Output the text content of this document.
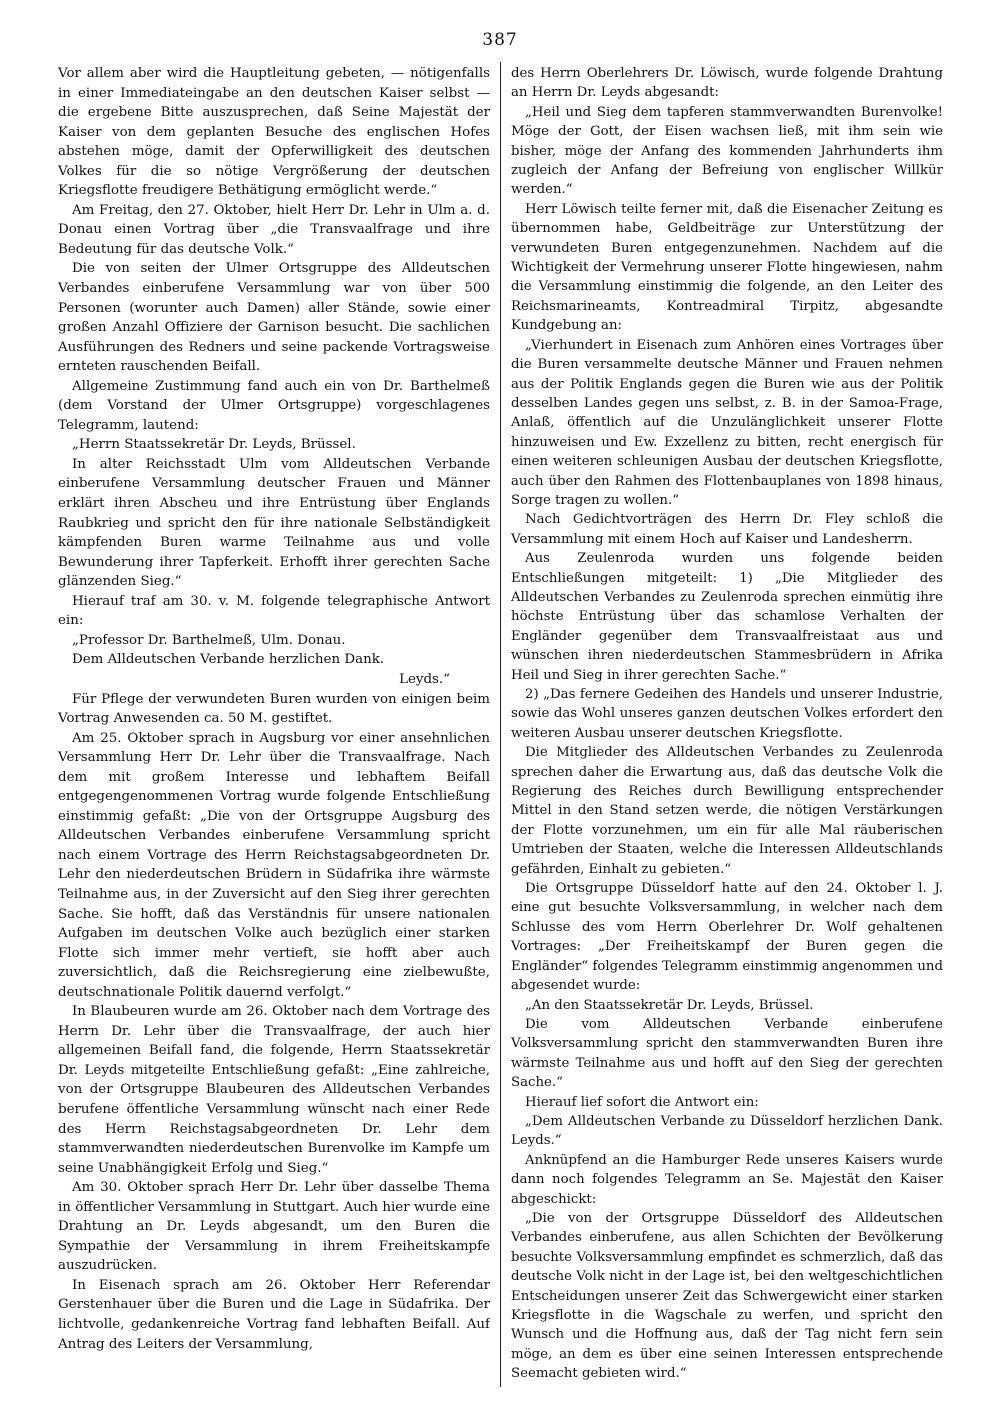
387

Vor allem aber wird die Hauptleitung gebeten, — nötigenfalls in einer Immediateingabe an den deutschen Kaiser selbst — die ergebene Bitte auszusprechen, daß Seine Majestät der Kaiser von dem geplanten Besuche des englischen Hofes abstehen möge, damit der Opferwilligkeit des deutschen Volkes für die so nötige Vergrößerung der deutschen Kriegsflotte freudigere Bethätigung ermöglicht werde.“

Am Freitag, den 27. Oktober, hielt Herr Dr. Lehr in Ulm a. d. Donau einen Vortrag über „die Transvaalfrage und ihre Bedeutung für das deutsche Volk.“

Die von seiten der Ulmer Ortsgruppe des Alldeutschen Verbandes einberufene Versammlung war von über 500 Personen (worunter auch Damen) aller Stände, sowie einer großen Anzahl Offiziere der Garnison besucht. Die sachlichen Ausführungen des Redners und seine packende Vortragsweise ernteten rauschenden Beifall.

Allgemeine Zustimmung fand auch ein von Dr. Barthelmeß (dem Vorstand der Ulmer Ortsgruppe) vorgeschlagenes Telegramm, lautend:

„Herrn Staatssekretär Dr. Leyds, Brüssel.

In alter Reichsstadt Ulm vom Alldeutschen Verbande einberufene Versammlung deutscher Frauen und Männer erklärt ihren Abscheu und ihre Entrüstung über Englands Raubkrieg und spricht den für ihre nationale Selbständigkeit kämpfenden Buren warme Teilnahme aus und volle Bewunderung ihrer Tapferkeit. Erhofft ihrer gerechten Sache glänzenden Sieg.“

Hierauf traf am 30. v. M. folgende telegraphische Antwort ein:

„Professor Dr. Barthelmeß, Ulm. Donau.

Dem Alldeutschen Verbande herzlichen Dank.

Leyds.“

Für Pflege der verwundeten Buren wurden von einigen beim Vortrag Anwesenden ca. 50 M. gestiftet.

Am 25. Oktober sprach in Augsburg vor einer ansehnlichen Versammlung Herr Dr. Lehr über die Transvaalfrage. Nach dem mit großem Interesse und lebhaftem Beifall entgegengenommenen Vortrag wurde folgende Entschließung einstimmig gefaßt: „Die von der Ortsgruppe Augsburg des Alldeutschen Verbandes einberufene Versammlung spricht nach einem Vortrage des Herrn Reichstagsabgeordneten Dr. Lehr den niederdeutschen Brüdern in Südafrika ihre wärmste Teilnahme aus, in der Zuversicht auf den Sieg ihrer gerechten Sache. Sie hofft, daß das Verständnis für unsere nationalen Aufgaben im deutschen Volke auch bezüglich einer starken Flotte sich immer mehr vertieft, sie hofft aber auch zuversichtlich, daß die Reichsregierung eine zielbewußte, deutschnationale Politik dauernd verfolgt.“

In Blaubeuren wurde am 26. Oktober nach dem Vortrage des Herrn Dr. Lehr über die Transvaalfrage, der auch hier allgemeinen Beifall fand, die folgende, Herrn Staatssekretär Dr. Leyds mitgeteilte Entschließung gefaßt: „Eine zahlreiche, von der Ortsgruppe Blaubeuren des Alldeutschen Verbandes berufene öffentliche Versammlung wünscht nach einer Rede des Herrn Reichstagsabgeordneten Dr. Lehr dem stammverwandten niederdeutschen Burenvolke im Kampfe um seine Unabhängigkeit Erfolg und Sieg.“

Am 30. Oktober sprach Herr Dr. Lehr über dasselbe Thema in öffentlicher Versammlung in Stuttgart. Auch hier wurde eine Drahtung an Dr. Leyds abgesandt, um den Buren die Sympathie der Versammlung in ihrem Freiheitskampfe auszudrücken.

In Eisenach sprach am 26. Oktober Herr Referendar Gerstenhauer über die Buren und die Lage in Südafrika. Der lichtvolle, gedankenreiche Vortrag fand lebhaften Beifall. Auf Antrag des Leiters der Versammlung,

des Herrn Oberlehrers Dr. Löwisch, wurde folgende Drahtung an Herrn Dr. Leyds abgesandt:

„Heil und Sieg dem tapferen stammverwandten Burenvolke! Möge der Gott, der Eisen wachsen ließ, mit ihm sein wie bisher, möge der Anfang des kommenden Jahrhunderts ihm zugleich der Anfang der Befreiung von englischer Willkür werden.“

Herr Löwisch teilte ferner mit, daß die Eisenacher Zeitung es übernommen habe, Geldbeiträge zur Unterstützung der verwundeten Buren entgegenzunehmen. Nachdem auf die Wichtigkeit der Vermehrung unserer Flotte hingewiesen, nahm die Versammlung einstimmig die folgende, an den Leiter des Reichsmarineamts, Kontreadmiral Tirpitz, abgesandte Kundgebung an:

„Vierhundert in Eisenach zum Anhören eines Vortrages über die Buren versammelte deutsche Männer und Frauen nehmen aus der Politik Englands gegen die Buren wie aus der Politik desselben Landes gegen uns selbst, z. B. in der Samoa-Frage, Anlaß, öffentlich auf die Unzulänglichkeit unserer Flotte hinzuweisen und Ew. Exzellenz zu bitten, recht energisch für einen weiteren schleunigen Ausbau der deutschen Kriegsflotte, auch über den Rahmen des Flottenbauplanes von 1898 hinaus, Sorge tragen zu wollen.“

Nach Gedichtvorträgen des Herrn Dr. Fley schloß die Versammlung mit einem Hoch auf Kaiser und Landesherrn.

Aus Zeulenroda wurden uns folgende beiden Entschließungen mitgeteilt: 1) „Die Mitglieder des Alldeutschen Verbandes zu Zeulenroda sprechen einmütig ihre höchste Entrüstung über das schamlose Verhalten der Engländer gegenüber dem Transvaalfreistaat aus und wünschen ihren niederdeutschen Stammesbrüdern in Afrika Heil und Sieg in ihrer gerechten Sache.“

2) „Das fernere Gedeihen des Handels und unserer Industrie, sowie das Wohl unseres ganzen deutschen Volkes erfordert den weiteren Ausbau unserer deutschen Kriegsflotte.

Die Mitglieder des Alldeutschen Verbandes zu Zeulenroda sprechen daher die Erwartung aus, daß das deutsche Volk die Regierung des Reiches durch Bewilligung entsprechender Mittel in den Stand setzen werde, die nötigen Verstärkungen der Flotte vorzunehmen, um ein für alle Mal räuberischen Umtrieben der Staaten, welche die Interessen Alldeutschlands gefährden, Einhalt zu gebieten.“

Die Ortsgruppe Düsseldorf hatte auf den 24. Oktober l. J. eine gut besuchte Volksversammlung, in welcher nach dem Schlusse des vom Herrn Oberlehrer Dr. Wolf gehaltenen Vortrages: „Der Freiheitskampf der Buren gegen die Engländer“ folgendes Telegramm einstimmig angenommen und abgesendet wurde:

„An den Staatssekretär Dr. Leyds, Brüssel.

Die vom Alldeutschen Verbande einberufene Volksversammlung spricht den stammverwandten Buren ihre wärmste Teilnahme aus und hofft auf den Sieg der gerechten Sache.“

Hierauf lief sofort die Antwort ein:

„Dem Alldeutschen Verbande zu Düsseldorf herzlichen Dank. Leyds.“

Anknüpfend an die Hamburger Rede unseres Kaisers wurde dann noch folgendes Telegramm an Se. Majestät den Kaiser abgeschickt:

„Die von der Ortsgruppe Düsseldorf des Alldeutschen Verbandes einberufene, aus allen Schichten der Bevölkerung besuchte Volksversammlung empfindet es schmerzlich, daß das deutsche Volk nicht in der Lage ist, bei den weltgeschichtlichen Entscheidungen unserer Zeit das Schwergewicht einer starken Kriegsflotte in die Wagschale zu werfen, und spricht den Wunsch und die Hoffnung aus, daß der Tag nicht fern sein möge, an dem es über eine seinen Interessen entsprechende Seemacht gebieten wird.“
